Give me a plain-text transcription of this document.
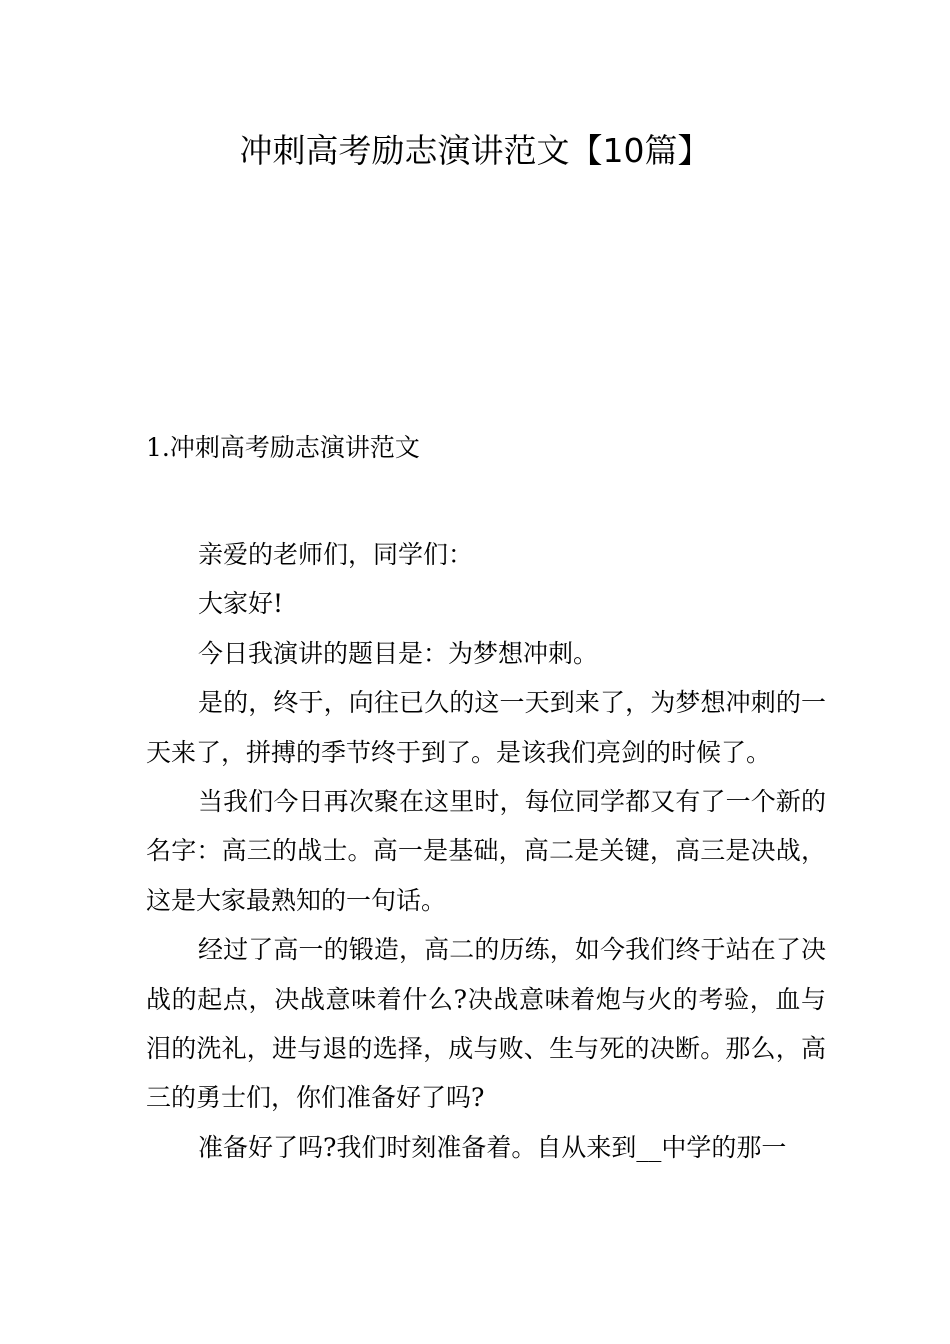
冲刺高考励志演讲范文【10篇】
1.冲刺高考励志演讲范文

亲爱的老师们，同学们：

大家好!

今日我演讲的题目是：为梦想冲刺。

是的，终于，向往已久的这一天到来了，为梦想冲刺的一天来了，拼搏的季节终于到了。是该我们亮剑的时候了。

当我们今日再次聚在这里时，每位同学都又有了一个新的名字：高三的战士。高一是基础，高二是关键，高三是决战，这是大家最熟知的一句话。

经过了高一的锻造，高二的历练，如今我们终于站在了决战的起点，决战意味着什么?决战意味着炮与火的考验，血与泪的洗礼，进与退的选择，成与败、生与死的决断。那么，高三的勇士们，你们准备好了吗?

准备好了吗?我们时刻准备着。自从来到__中学的那一
